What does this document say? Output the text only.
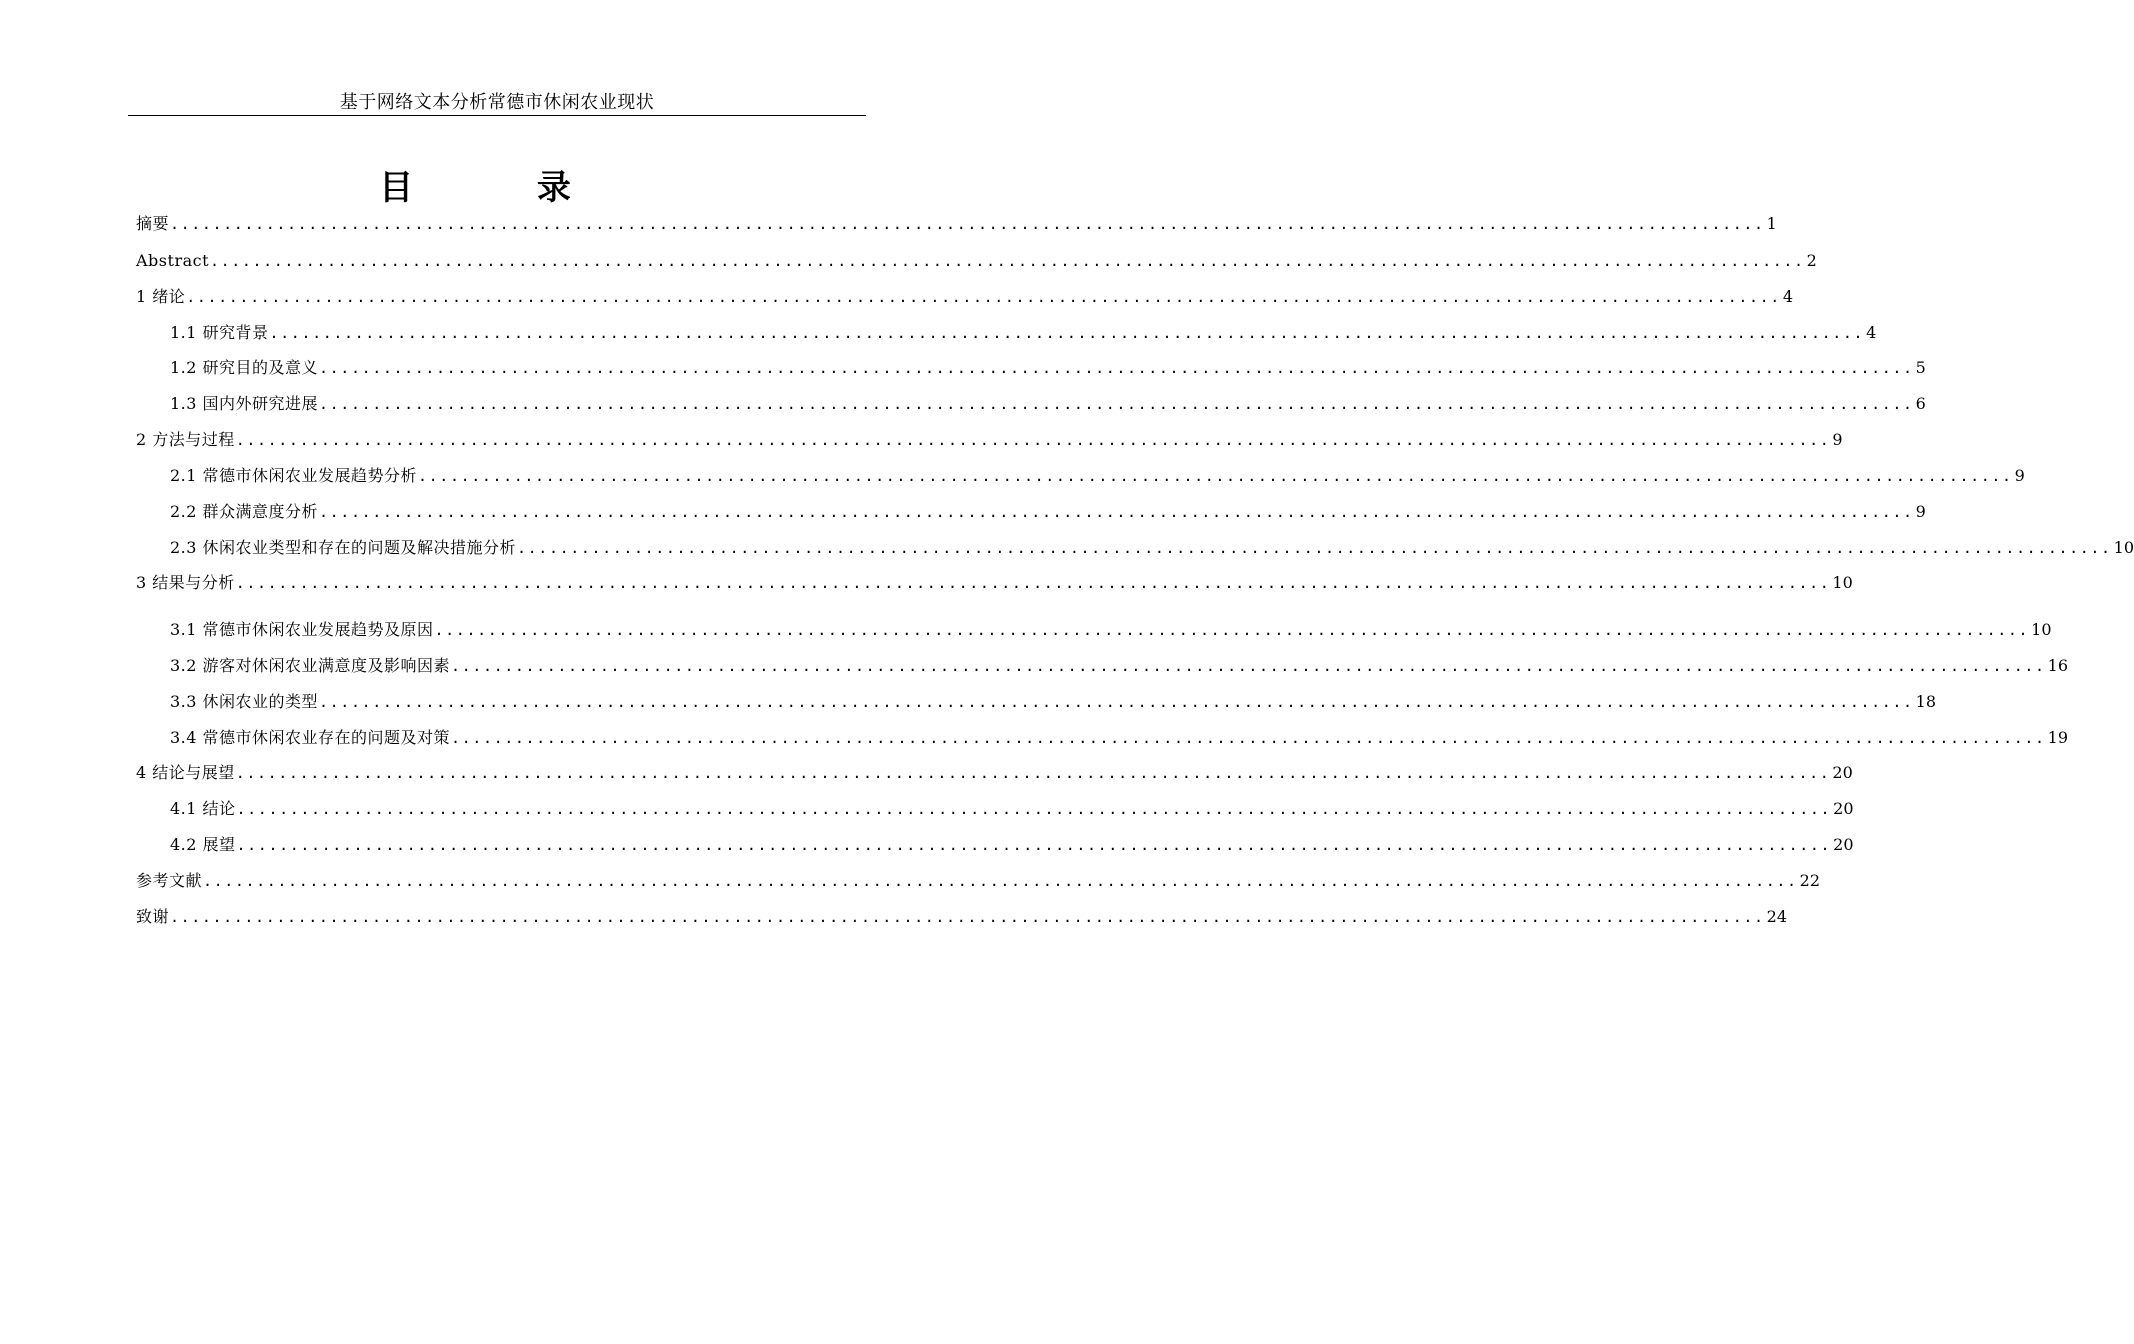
基于网络文本分析常德市休闲农业现状
目 录
摘要 ...................................................................................................................................................... 1
Abstract ...................................................................................................................................................... 2
1 绪论 ...................................................................................................................................................... 4
1.1 研究背景 ...................................................................................................................................................... 4
1.2 研究目的及意义 ...................................................................................................................................................... 5
1.3 国内外研究进展 ...................................................................................................................................................... 6
2 方法与过程 ...................................................................................................................................................... 9
2.1 常德市休闲农业发展趋势分析 ...................................................................................................................................................... 9
2.2 群众满意度分析 ...................................................................................................................................................... 9
2.3 休闲农业类型和存在的问题及解决措施分析 ...................................................................................................................................................... 10
3 结果与分析 ...................................................................................................................................................... 10
3.1 常德市休闲农业发展趋势及原因 ...................................................................................................................................................... 10
3.2 游客对休闲农业满意度及影响因素 ...................................................................................................................................................... 16
3.3 休闲农业的类型 ...................................................................................................................................................... 18
3.4 常德市休闲农业存在的问题及对策 ...................................................................................................................................................... 19
4 结论与展望 ...................................................................................................................................................... 20
4.1 结论 ...................................................................................................................................................... 20
4.2 展望 ...................................................................................................................................................... 20
参考文献 ...................................................................................................................................................... 22
致谢 ...................................................................................................................................................... 24
